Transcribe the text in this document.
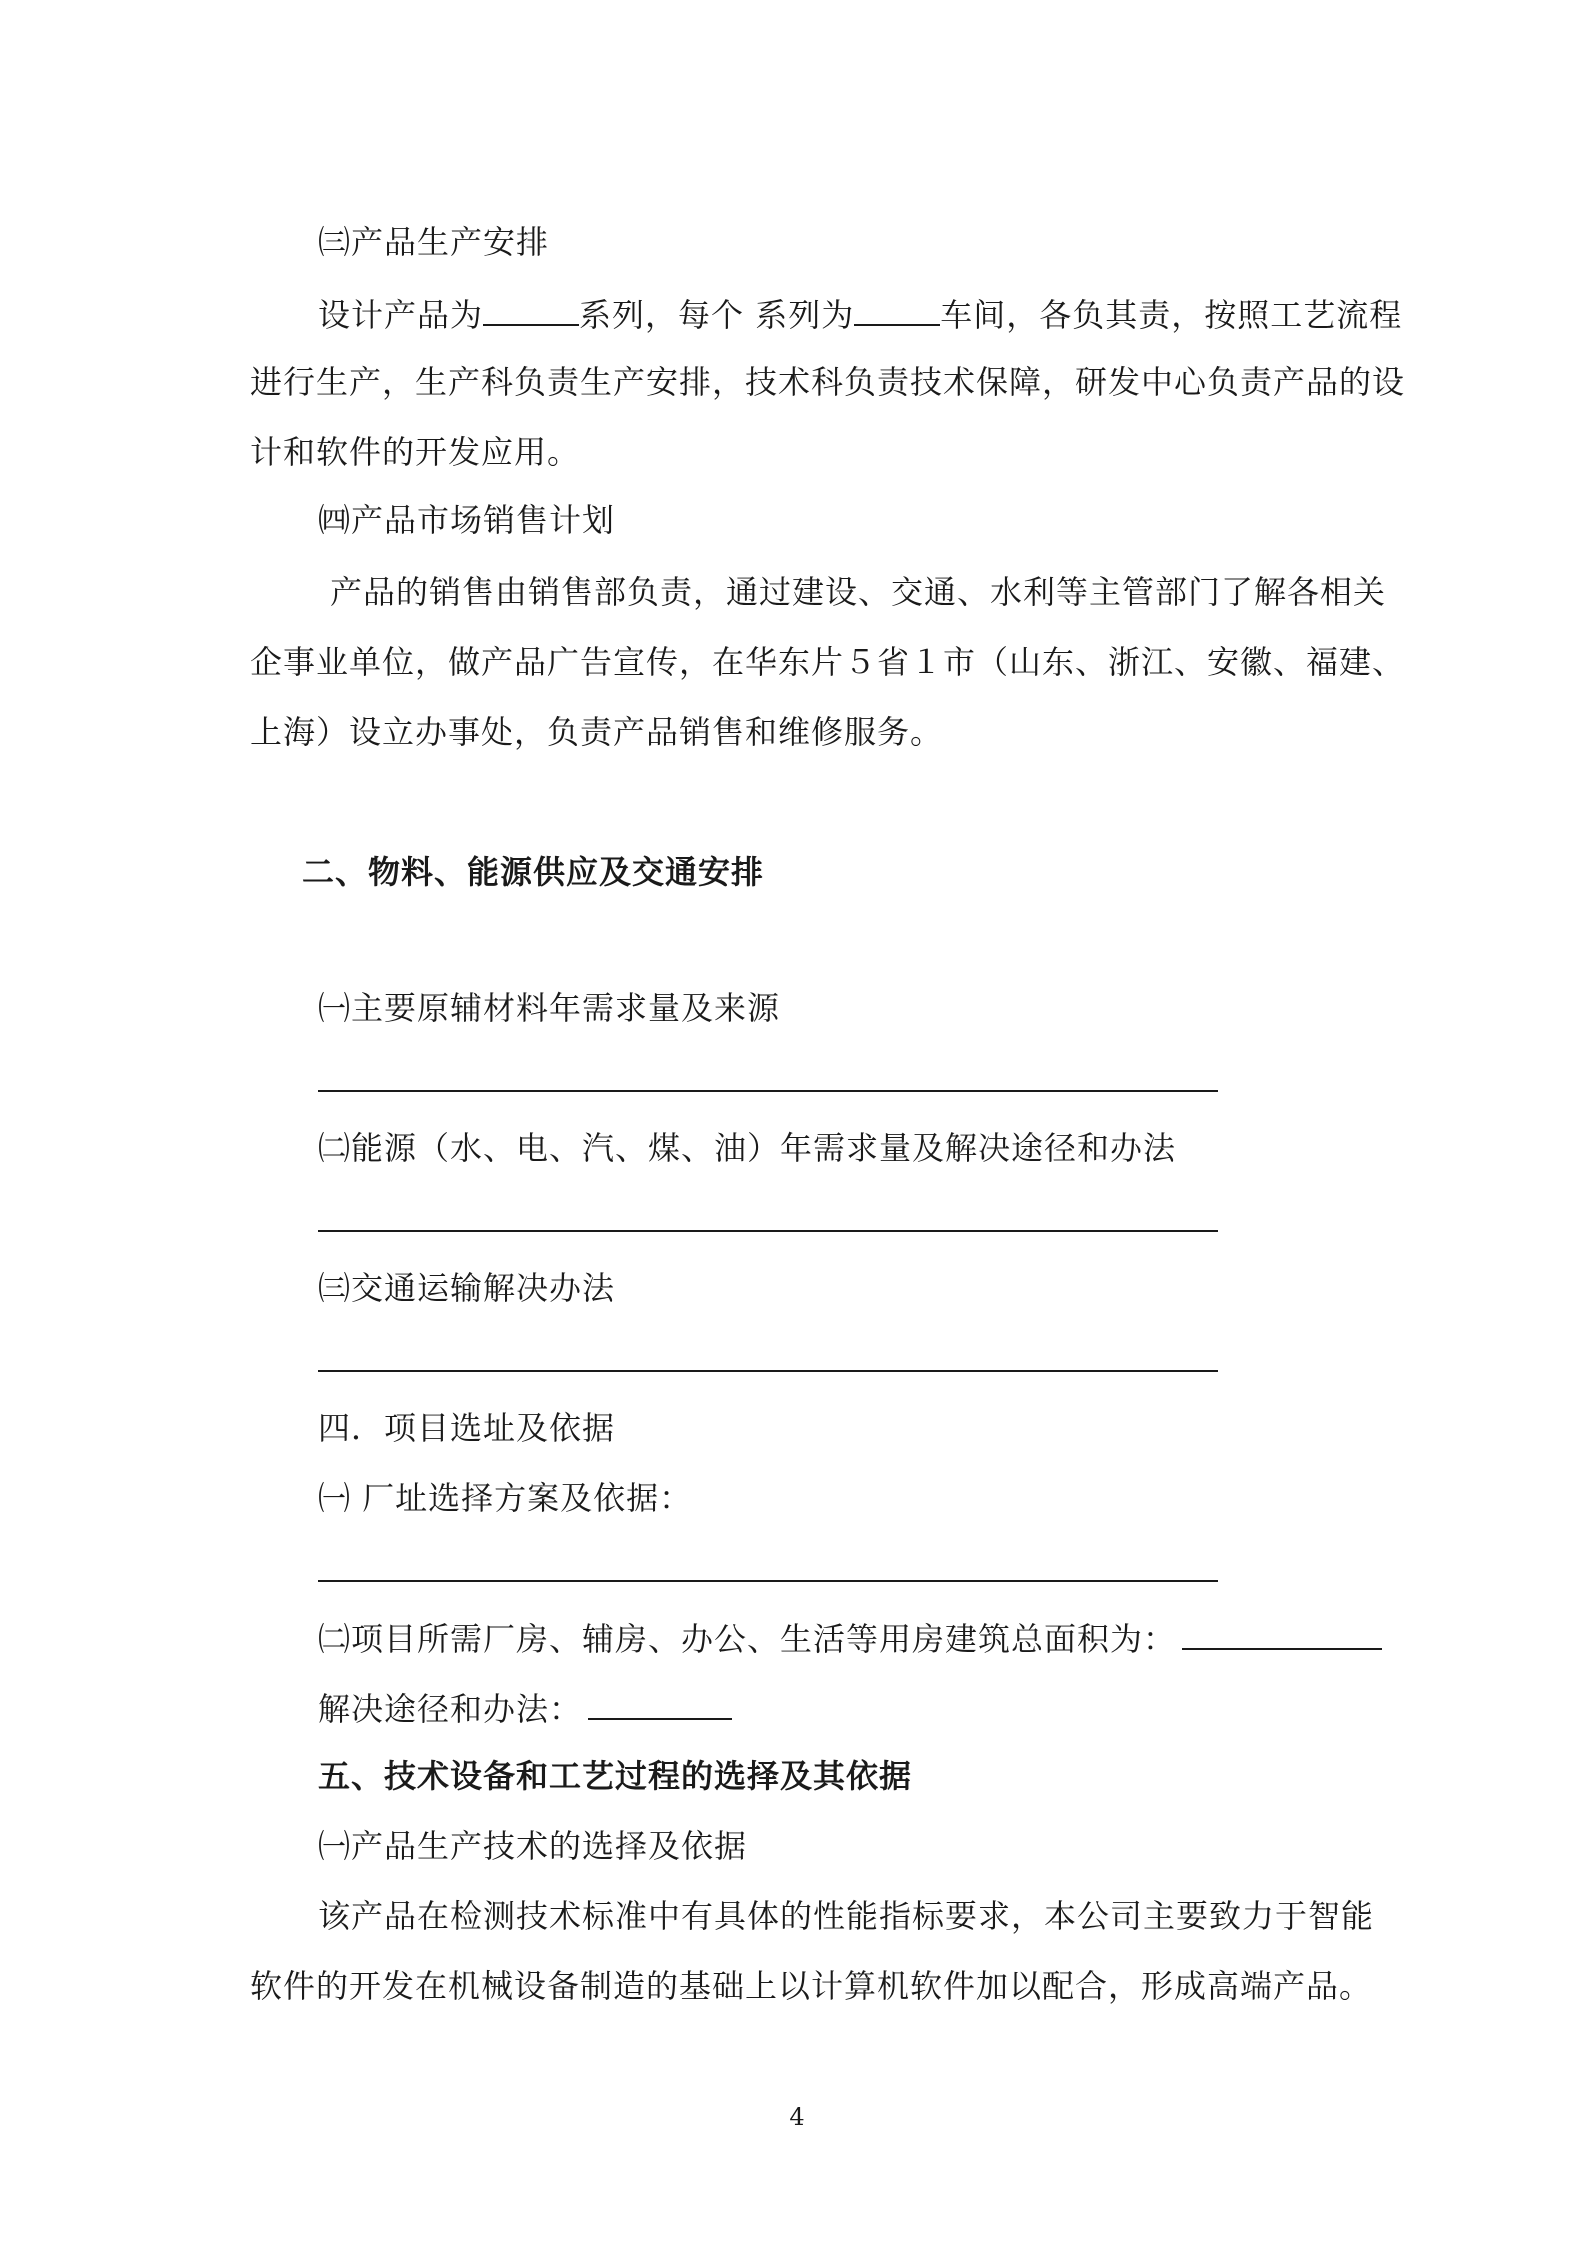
㈢产品生产安排
设计产品为	系列，每个 系列为	车间，各负其责，按照工艺流程
进行生产，生产科负责生产安排，技术科负责技术保障，研发中心负责产品的设
计和软件的开发应用。
㈣产品市场销售计划
产品的销售由销售部负责，通过建设、交通、水利等主管部门了解各相关
企事业单位，做产品广告宣传，在华东片５省１市（山东、浙江、安徽、福建、
上海）设立办事处，负责产品销售和维修服务。
二、物料、能源供应及交通安排
㈠主要原辅材料年需求量及来源
㈡能源（水、电、汽、煤、油）年需求量及解决途径和办法
㈢交通运输解决办法
四．项目选址及依据
㈠ 厂址选择方案及依据：
㈡项目所需厂房、辅房、办公、生活等用房建筑总面积为：
解决途径和办法：
五、技术设备和工艺过程的选择及其依据
㈠产品生产技术的选择及依据
该产品在检测技术标准中有具体的性能指标要求，本公司主要致力于智能
软件的开发在机械设备制造的基础上以计算机软件加以配合，形成高端产品。
4
